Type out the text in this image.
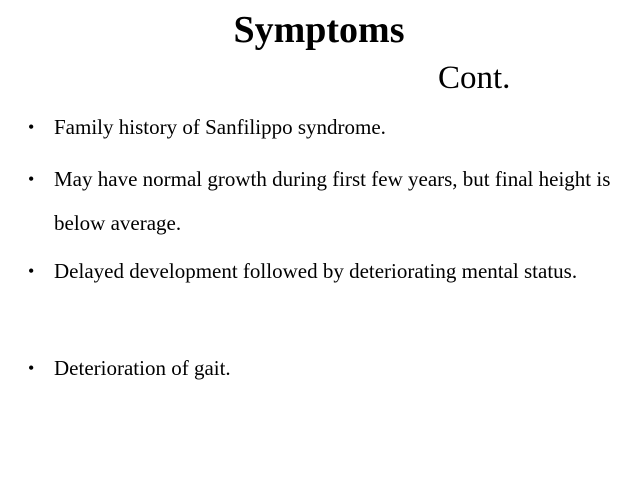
Symptoms
Cont.
• Family history of Sanfilippo syndrome.

• May have normal growth during first few years, but final height is below average.

• Delayed development followed by deteriorating mental status.

• Deterioration of gait.
